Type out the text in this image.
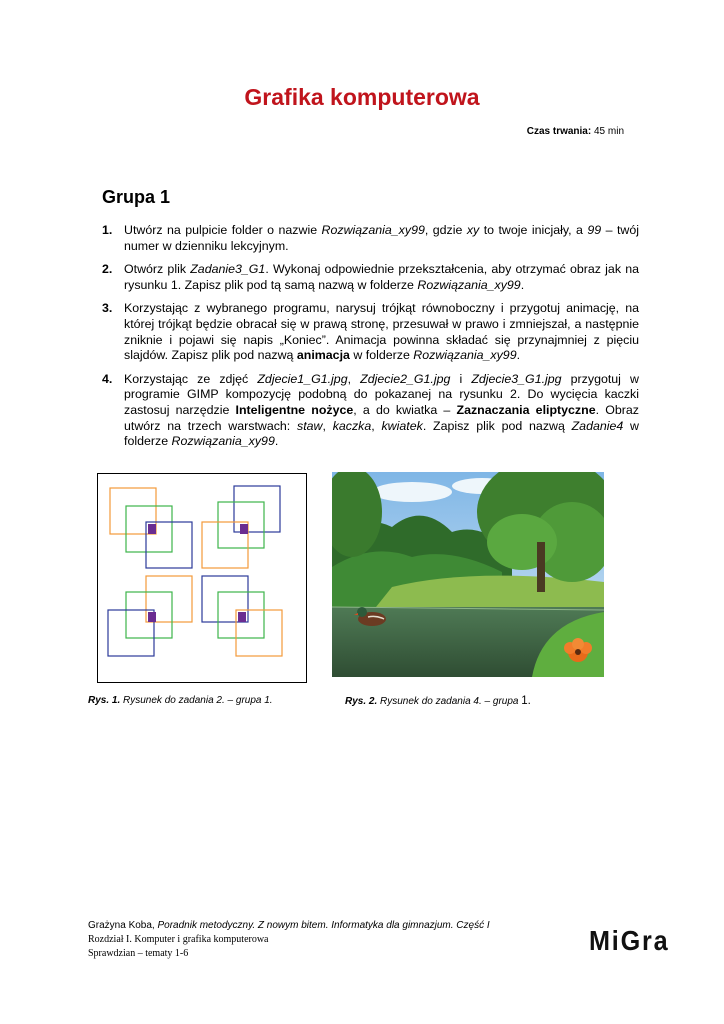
Grafika komputerowa
Czas trwania: 45 min
Grupa 1
1. Utwórz na pulpicie folder o nazwie Rozwiązania_xy99, gdzie xy to twoje inicjały, a 99 – twój numer w dzienniku lekcyjnym.
2. Otwórz plik Zadanie3_G1. Wykonaj odpowiednie przekształcenia, aby otrzymać obraz jak na rysunku 1. Zapisz plik pod tą samą nazwą w folderze Rozwiązania_xy99.
3. Korzystając z wybranego programu, narysuj trójkąt równoboczny i przygotuj animację, na której trójkąt będzie obracał się w prawą stronę, przesuwał w prawo i zmniejszał, a następnie zniknie i pojawi się napis „Koniec”. Animacja powinna składać się przynajmniej z pięciu slajdów. Zapisz plik pod nazwą animacja w folderze Rozwiązania_xy99.
4. Korzystając ze zdjęć Zdjecie1_G1.jpg, Zdjecie2_G1.jpg i Zdjecie3_G1.jpg przygotuj w programie GIMP kompozycję podobną do pokazanej na rysunku 2. Do wycięcia kaczki zastosuj narzędzie Inteligentne nożyce, a do kwiatka – Zaznaczania eliptyczne. Obraz utwórz na trzech warstwach: staw, kaczka, kwiatek. Zapisz plik pod nazwą Zadanie4 w folderze Rozwiązania_xy99.
Rys. 1. Rysunek do zadania 2. – grupa 1.	Rys. 2. Rysunek do zadania 4. – grupa 1.
Grażyna Koba, Poradnik metodyczny. Z nowym bitem. Informatyka dla gimnazjum. Część I
Rozdział I. Komputer i grafika komputerowa
Sprawdzian – tematy 1-6	MiGra
